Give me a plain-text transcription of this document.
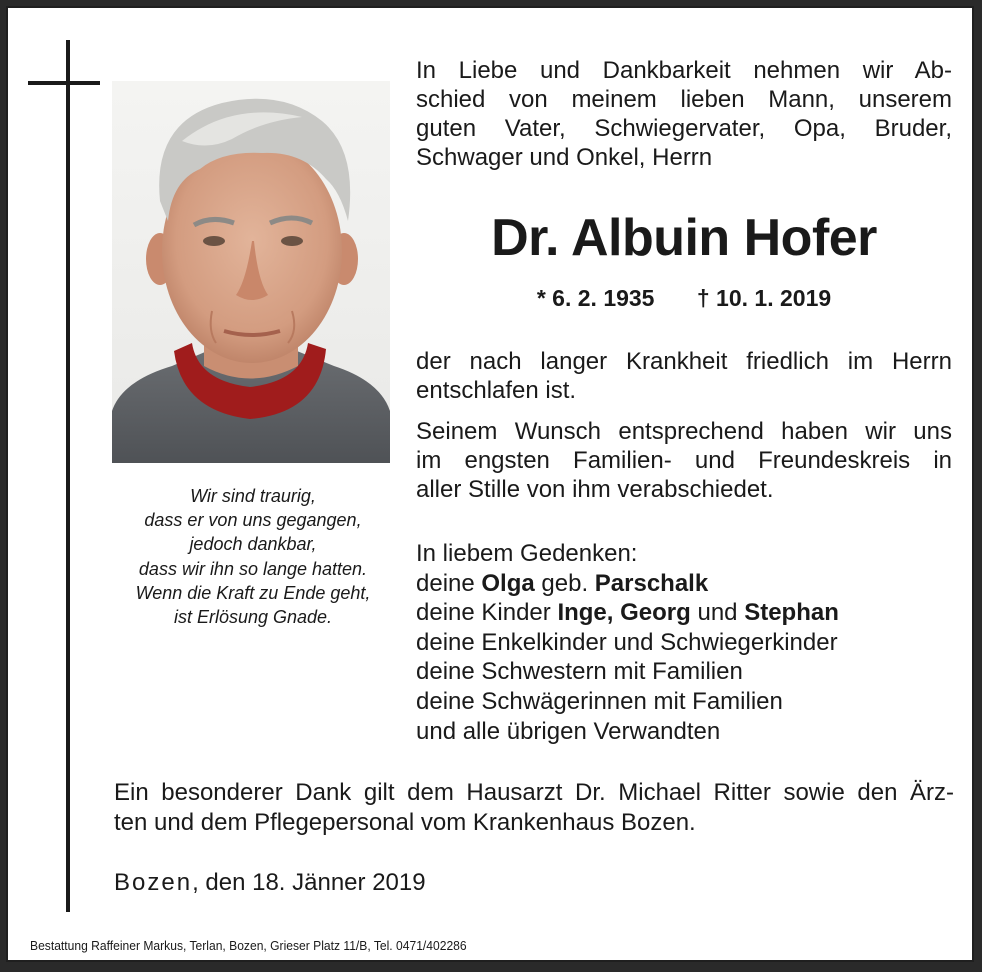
Wir sind traurig,
dass er von uns gegangen,
jedoch dankbar,
dass wir ihn so lange hatten.
Wenn die Kraft zu Ende geht,
ist Erlösung Gnade.
In Liebe und Dankbarkeit nehmen wir Ab-
schied von meinem lieben Mann, unserem
guten Vater, Schwiegervater, Opa, Bruder,
Schwager und Onkel, Herrn
Dr. Albuin Hofer
* 6. 2. 1935 † 10. 1. 2019
der nach langer Krankheit friedlich im Herrn
entschlafen ist.
Seinem Wunsch entsprechend haben wir uns
im engsten Familien- und Freundeskreis in
aller Stille von ihm verabschiedet.
In liebem Gedenken:
deine Olga geb. Parschalk
deine Kinder Inge, Georg und Stephan
deine Enkelkinder und Schwiegerkinder
deine Schwestern mit Familien
deine Schwägerinnen mit Familien
und alle übrigen Verwandten
Ein besonderer Dank gilt dem Hausarzt Dr. Michael Ritter sowie den Ärz-
ten und dem Pflegepersonal vom Krankenhaus Bozen.
Bozen, den 18. Jänner 2019
Bestattung Raffeiner Markus, Terlan, Bozen, Grieser Platz 11/B, Tel. 0471/402286
